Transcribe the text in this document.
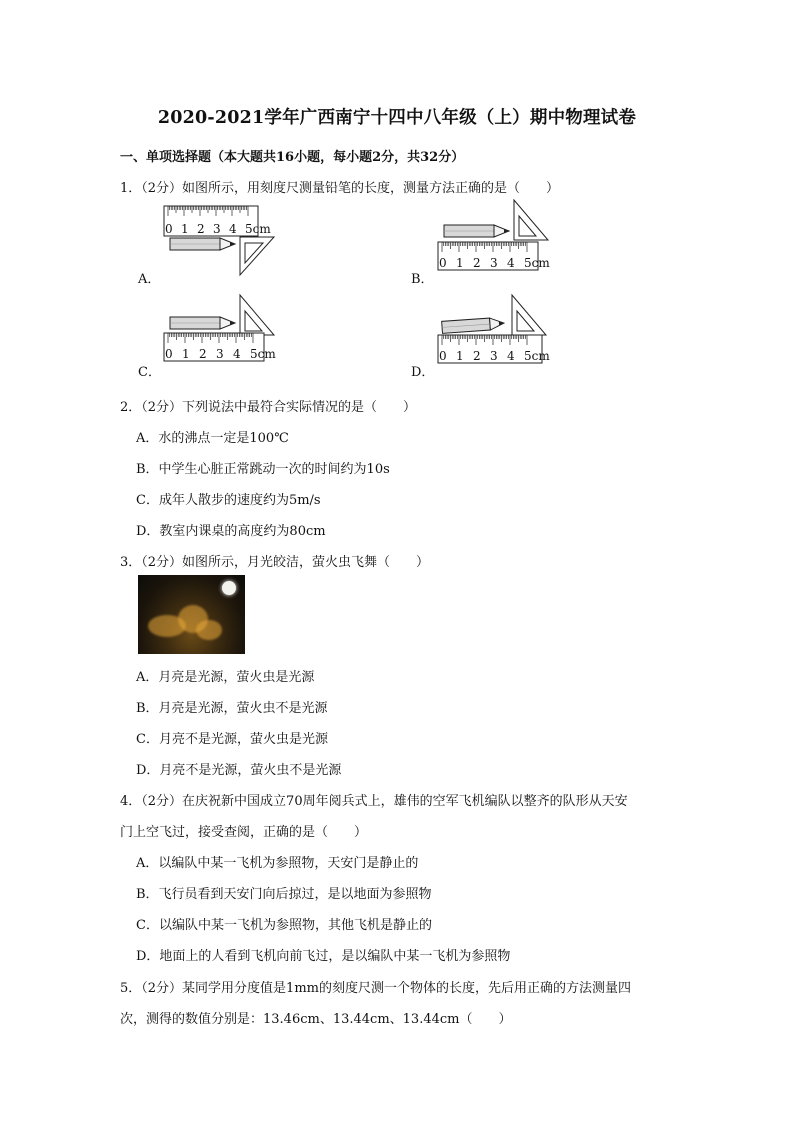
2020-2021学年广西南宁十四中八年级（上）期中物理试卷
一、单项选择题（本大题共16小题，每小题2分，共32分）
1．（2分）如图所示，用刻度尺测量铅笔的长度，测量方法正确的是（　　）
A．	B．
C．	D．
0 1 2 3 4 5cm
0 1 2 3 4 5cm
0 1 2 3 4 5cm	0 1 2 3 4 5cm
2．（2分）下列说法中最符合实际情况的是（　　）
A．水的沸点一定是100℃
B．中学生心脏正常跳动一次的时间约为10s
C．成年人散步的速度约为5m/s
D．教室内课桌的高度约为80cm
3．（2分）如图所示，月光皎洁，萤火虫飞舞（　　）
A．月亮是光源，萤火虫是光源
B．月亮是光源，萤火虫不是光源
C．月亮不是光源，萤火虫是光源
D．月亮不是光源，萤火虫不是光源
4．（2分）在庆祝新中国成立70周年阅兵式上，雄伟的空军飞机编队以整齐的队形从天安
门上空飞过，接受查阅，正确的是（　　）
A．以编队中某一飞机为参照物，天安门是静止的
B．飞行员看到天安门向后掠过，是以地面为参照物
C．以编队中某一飞机为参照物，其他飞机是静止的
D．地面上的人看到飞机向前飞过，是以编队中某一飞机为参照物
5．（2分）某同学用分度值是1mm的刻度尺测一个物体的长度，先后用正确的方法测量四
次，测得的数值分别是：13.46cm、13.44cm、13.44cm（　　）
